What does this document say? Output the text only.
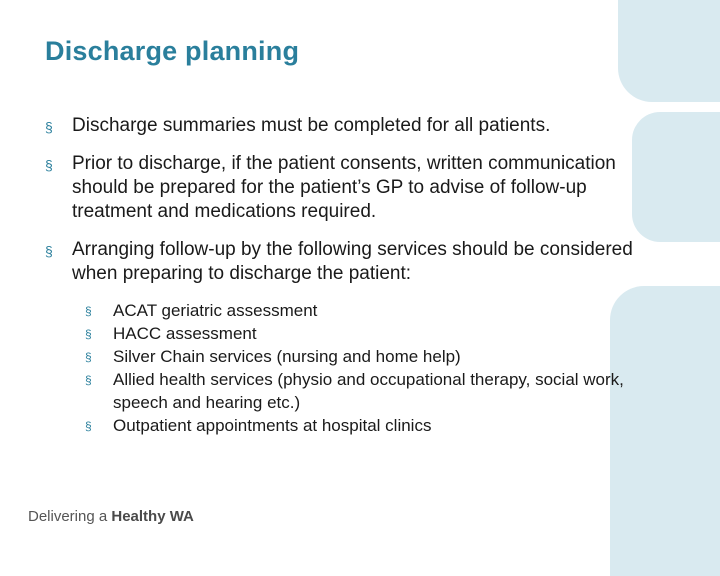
Discharge planning
§ Discharge summaries must be completed for all patients.
§ Prior to discharge, if the patient consents, written communication should be prepared for the patient’s GP to advise of follow-up treatment and medications required.
§ Arranging follow-up by the following services should be considered when preparing to discharge the patient:
§ ACAT geriatric assessment
§ HACC assessment
§ Silver Chain services (nursing and home help)
§ Allied health services (physio and occupational therapy, social work, speech and hearing etc.)
§ Outpatient appointments at hospital clinics
Delivering a Healthy WA
